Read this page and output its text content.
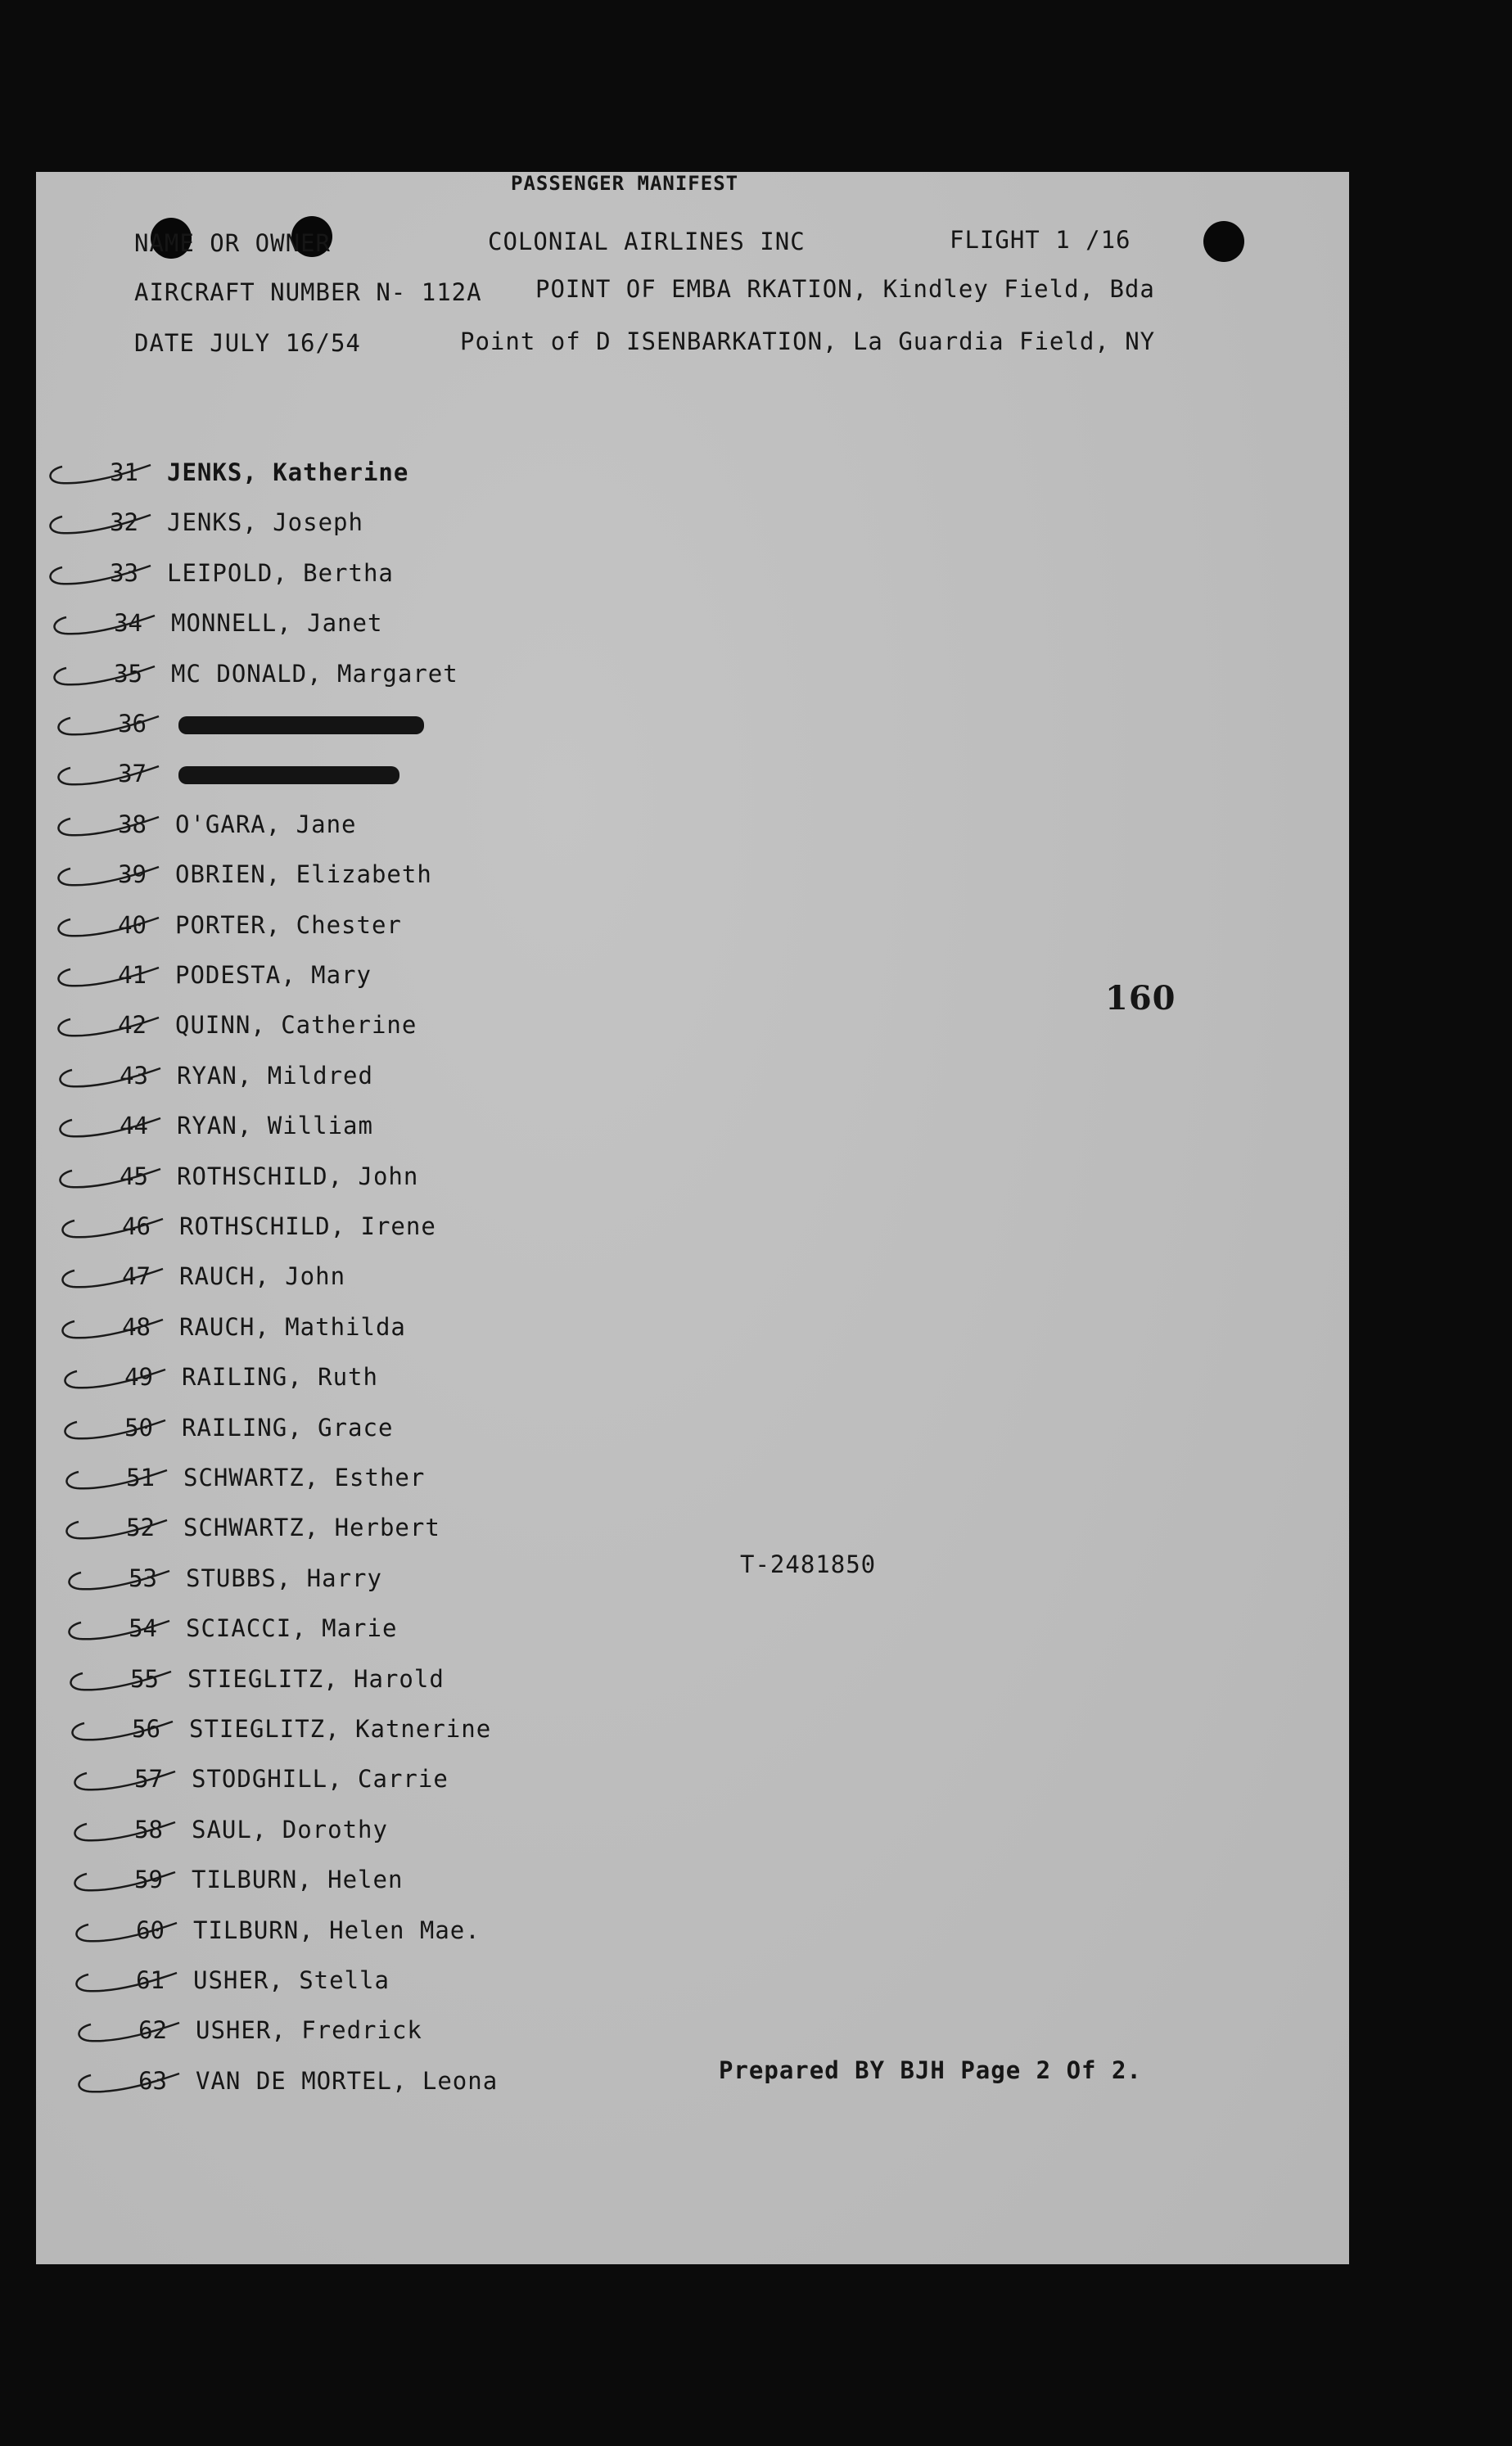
PASSENGER MANIFEST
NAME OR OWNER	COLONIAL AIRLINES INC	FLIGHT 1 /16
AIRCRAFT NUMBER N- 112A POINT OF EMBA RKATION, Kindley Field, Bda
DATE JULY 16/54	Point of D ISENBARKATION, La Guardia Field, NY
31 JENKS, Katherine
32 JENKS, Joseph
33 LEIPOLD, Bertha
34 MONNELL, Janet
35 MC DONALD, Margaret
36
37
38 O'GARA, Jane
39 OBRIEN, Elizabeth
40 PORTER, Chester
41 PODESTA, Mary
42 QUINN, Catherine
43 RYAN, Mildred
44 RYAN, William
45 ROTHSCHILD, John
46 ROTHSCHILD, Irene
47 RAUCH, John
48 RAUCH, Mathilda
49 RAILING, Ruth
50 RAILING, Grace
51 SCHWARTZ, Esther
52 SCHWARTZ, Herbert
53 STUBBS, Harry
54 SCIACCI, Marie
55 STIEGLITZ, Harold
56 STIEGLITZ, Katnerine
57 STODGHILL, Carrie
58 SAUL, Dorothy
59 TILBURN, Helen
60 TILBURN, Helen Mae.
61 USHER, Stella
62 USHER, Fredrick
63 VAN DE MORTEL, Leona
160
T-2481850
Prepared BY BJH Page 2 Of 2.
